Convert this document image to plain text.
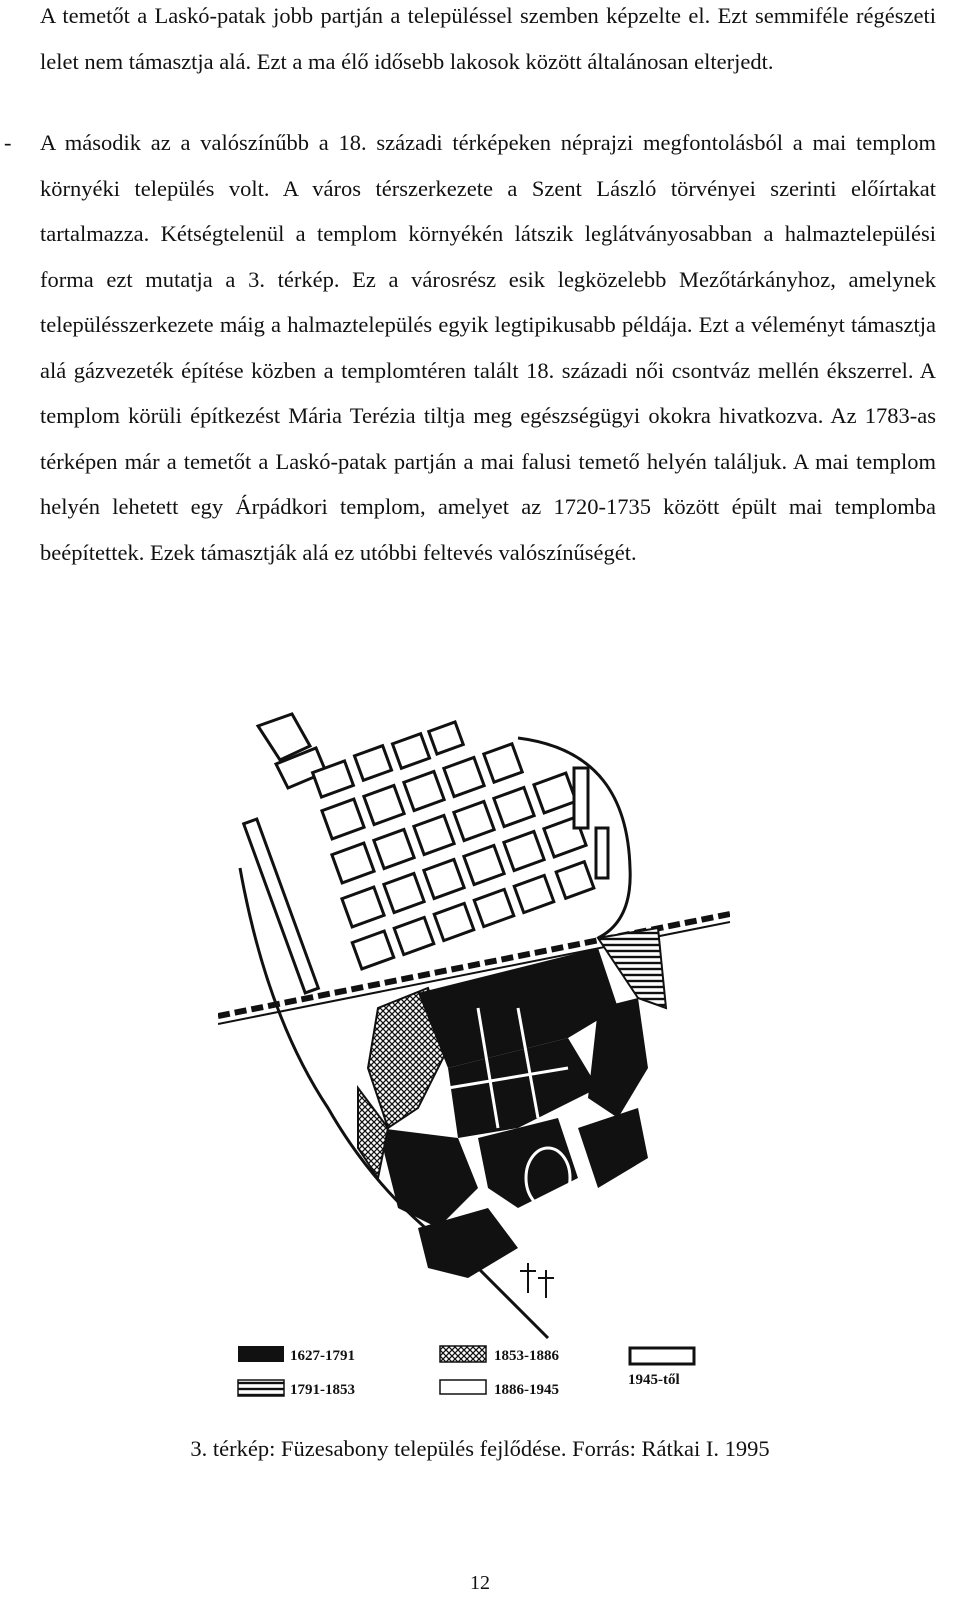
A temetőt a Laskó-patak jobb partján a településsel szemben képzelte el. Ezt semmiféle régészeti lelet nem támasztja alá. Ezt a ma élő idősebb lakosok között általánosan elterjedt.

- A második az a valószínűbb a 18. századi térképeken néprajzi megfontolásból a mai templom környéki település volt. A város térszerkezete a Szent László törvényei szerinti előírtakat tartalmazza. Kétségtelenül a templom környékén látszik leglátványosabban a halmaztelepülési forma ezt mutatja a 3. térkép. Ez a városrész esik legközelebb Mezőtárkányhoz, amelynek településszerkezete máig a halmaztelepülés egyik legtipikusabb példája. Ezt a véleményt támasztja alá gázvezeték építése közben a templomtéren talált 18. századi női csontváz mellén ékszerrel. A templom körüli építkezést Mária Terézia tiltja meg egészségügyi okokra hivatkozva. Az 1783-as térképen már a temetőt a Laskó-patak partján a mai falusi temető helyén találjuk. A mai templom helyén lehetett egy Árpádkori templom, amelyet az 1720-1735 között épült mai templomba beépítettek. Ezek támasztják alá ez utóbbi feltevés valószínűségét.

1627-1791	1853-1886
1791-1853	1886-1945
1945-től
3. térkép: Füzesabony település fejlődése. Forrás: Rátkai I. 1995
12
